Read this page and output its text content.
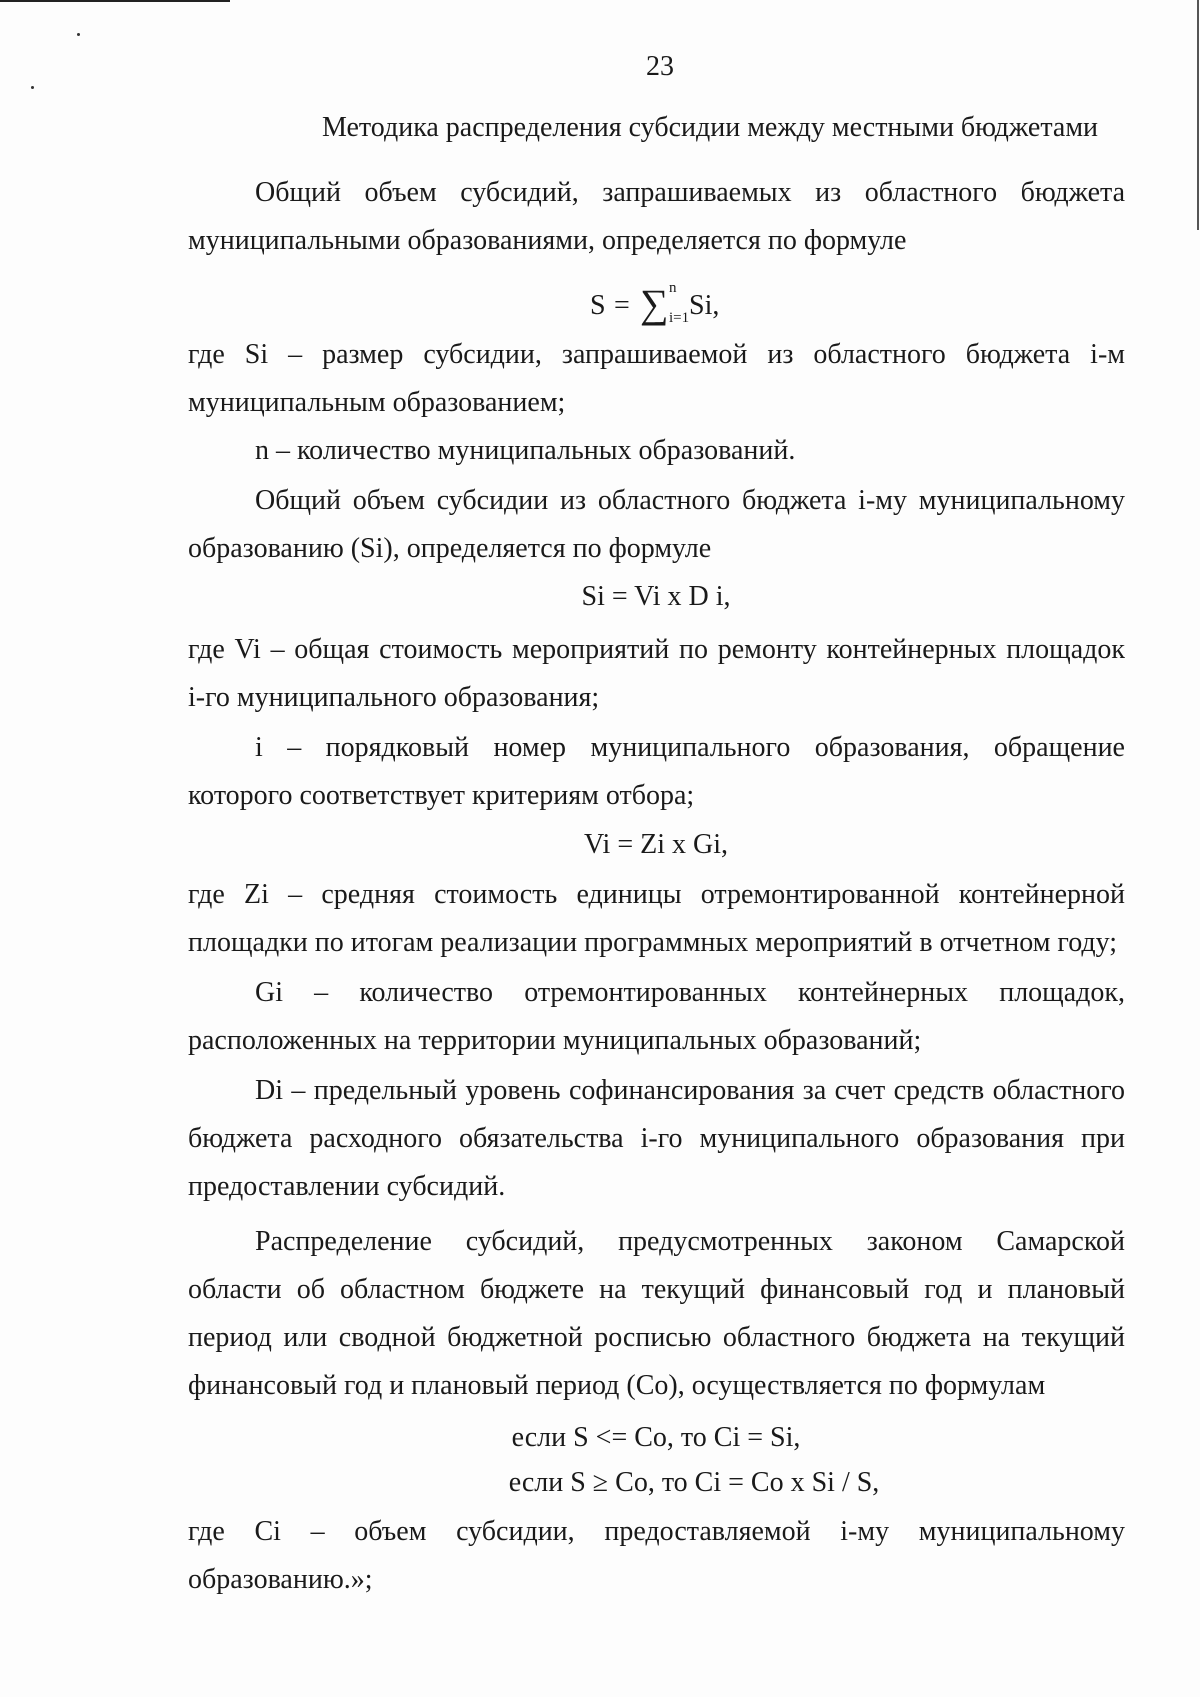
23
Методика распределения субсидии между местными бюджетами
Общий объем субсидий, запрашиваемых из областного бюджета
муниципальными образованиями, определяется по формуле
S = ∑ n
i=1 Si,
где Si – размер субсидии, запрашиваемой из областного бюджета i-м
муниципальным образованием;
n – количество муниципальных образований.
Общий объем субсидии из областного бюджета i-му муниципальному
образованию (Si), определяется по формуле
Si = Vi x D i,
где Vi – общая стоимость мероприятий по ремонту контейнерных площадок
i-го муниципального образования;
i – порядковый номер муниципального образования, обращение
которого соответствует критериям отбора;
Vi = Zi x Gi,
где Zi – средняя стоимость единицы отремонтированной контейнерной
площадки по итогам реализации программных мероприятий в отчетном году;
Gi – количество отремонтированных контейнерных площадок,
расположенных на территории муниципальных образований;
Di – предельный уровень софинансирования за счет средств областного
бюджета расходного обязательства i-го муниципального образования при
предоставлении субсидий.
Распределение субсидий, предусмотренных законом Самарской
области об областном бюджете на текущий финансовый год и плановый
период или сводной бюджетной росписью областного бюджета на текущий
финансовый год и плановый период (Со), осуществляется по формулам
если S <= Со, то Ci = Si,
если S ≥ Со, то Ci = Со x Si / S,
где Ci – объем субсидии, предоставляемой i-му муниципальному
образованию.»;
